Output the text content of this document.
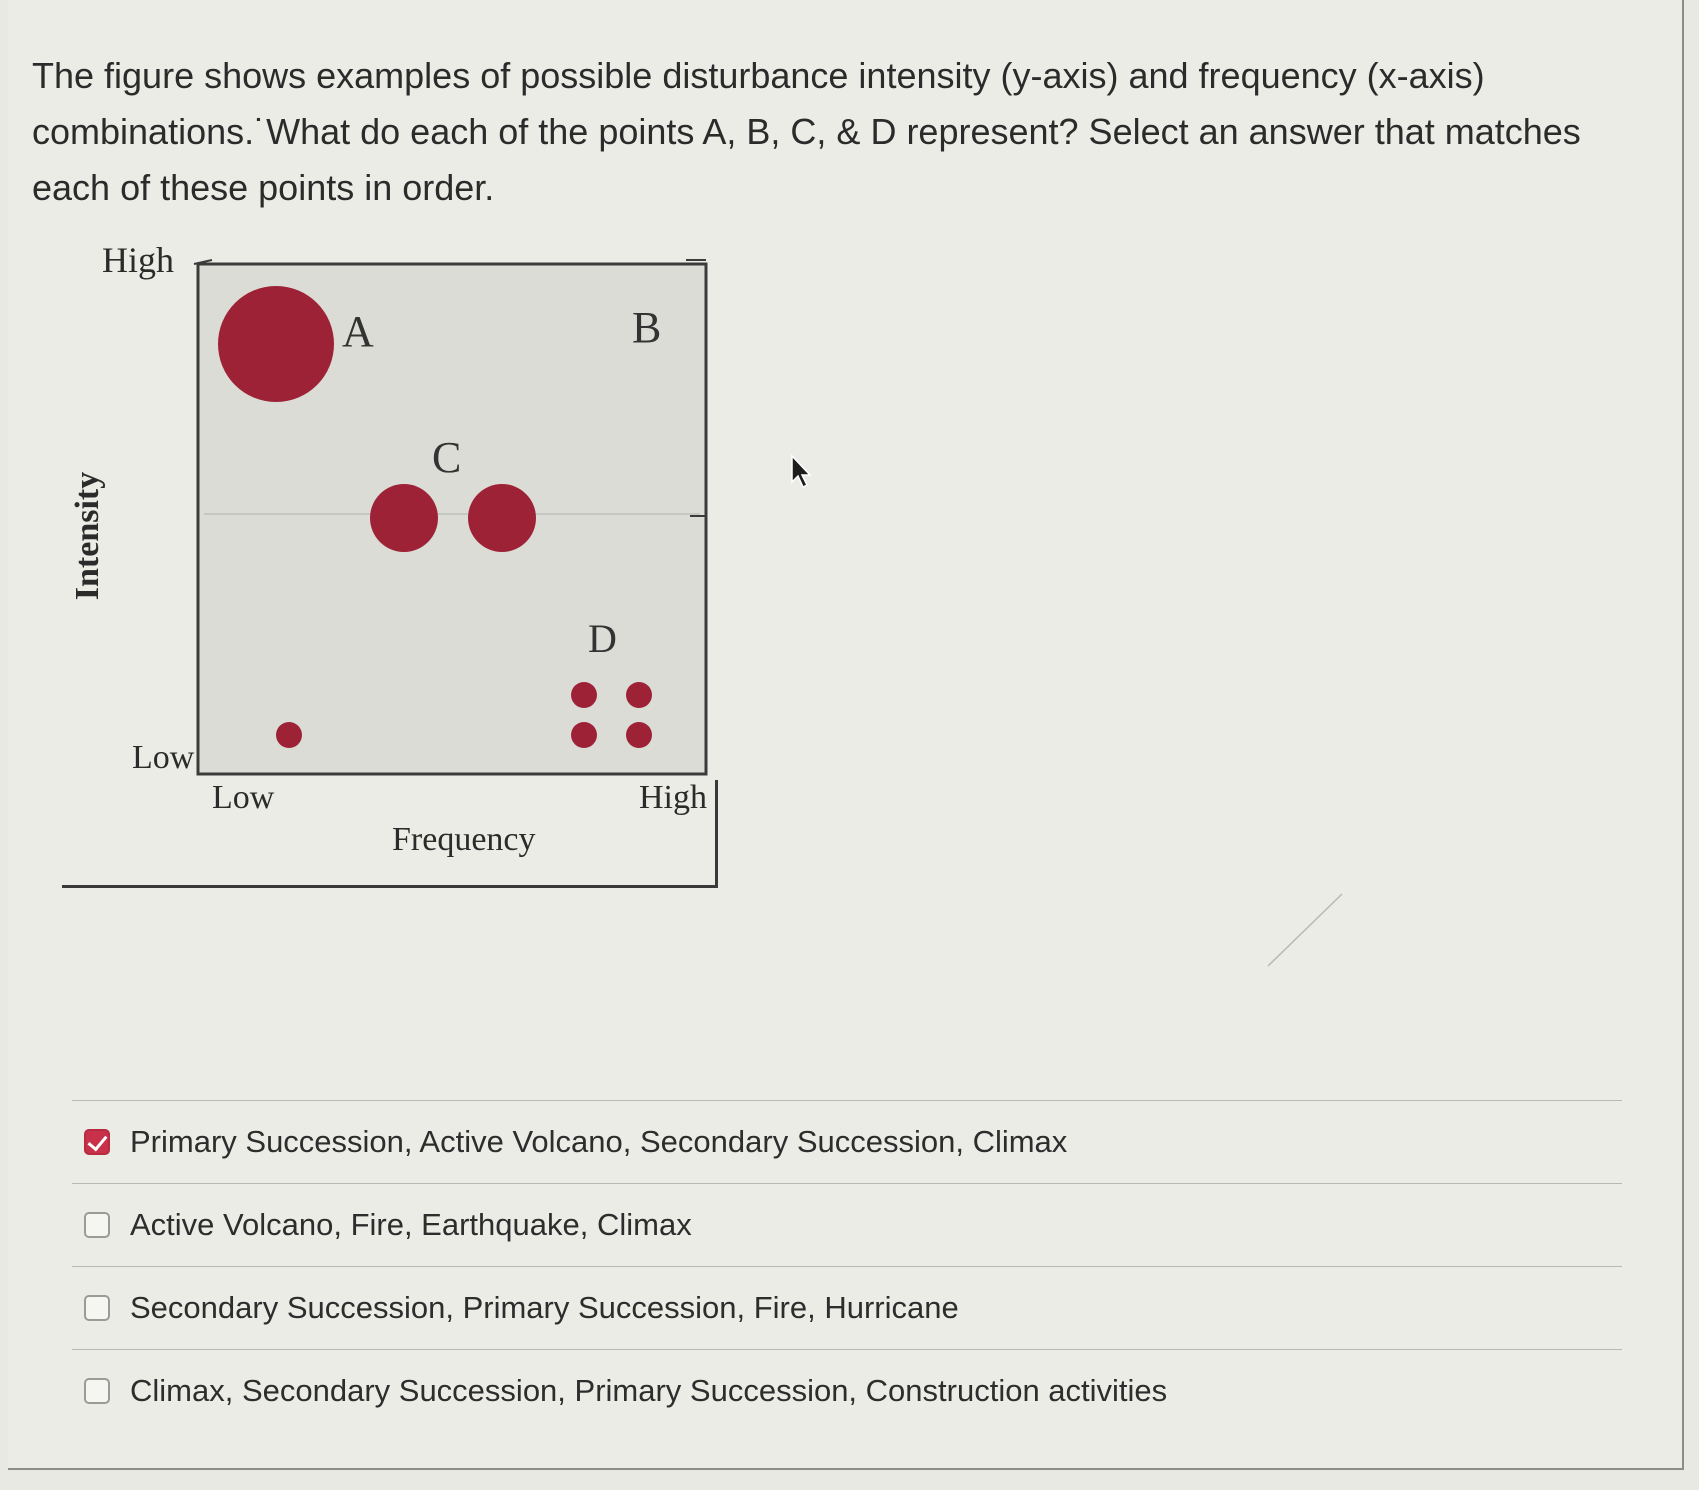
The figure shows examples of possible disturbance intensity (y-axis) and frequency (x-axis) combinations.˙What do each of the points A, B, C, & D represent? Select an answer that matches each of these points in order.

High
Low
Low	High
Frequency
Intensity
A	B
C
D
Primary Succession, Active Volcano, Secondary Succession, Climax
Active Volcano, Fire, Earthquake, Climax
Secondary Succession, Primary Succession, Fire, Hurricane
Climax, Secondary Succession, Primary Succession, Construction activities
